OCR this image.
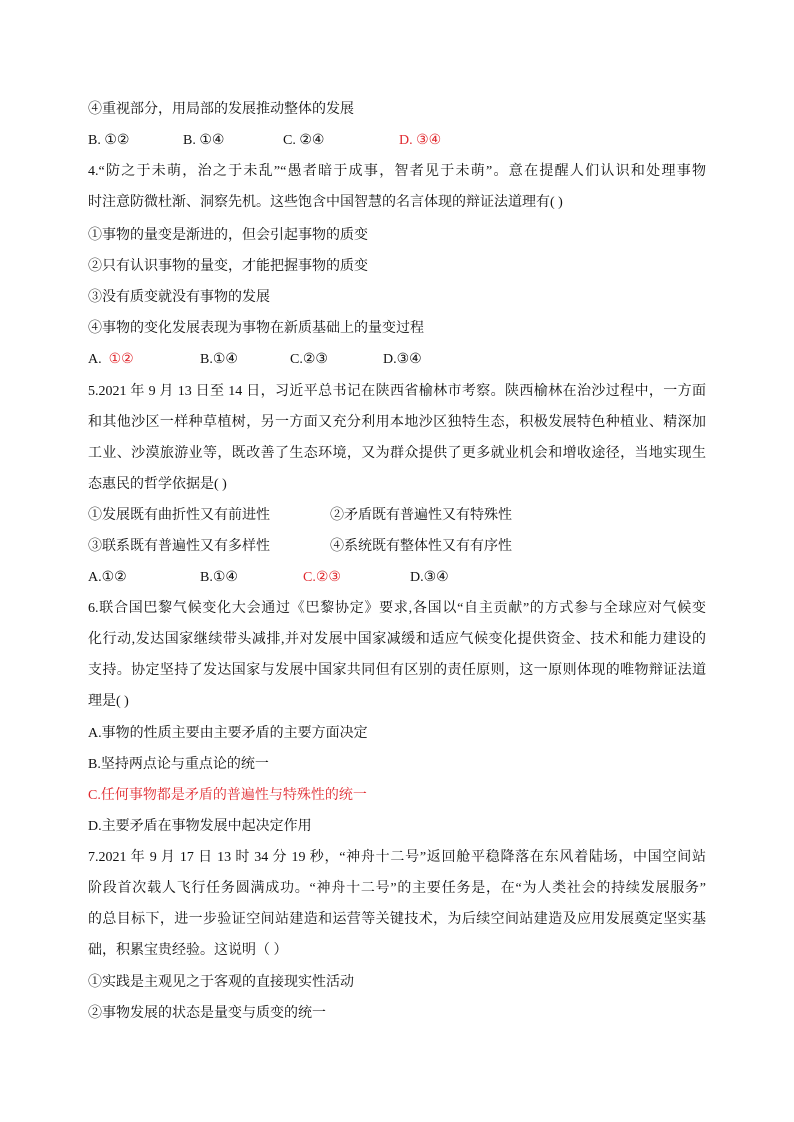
④重视部分，用局部的发展推动整体的发展
B. ①②	B. ①④	C. ②④	D. ③④
4.“防之于未萌，治之于未乱”“愚者暗于成事，智者见于未萌”。意在提醒人们认识和处理事物
时注意防微杜渐、洞察先机。这些饱含中国智慧的名言体现的辩证法道理有( )
①事物的量变是渐进的，但会引起事物的质变
②只有认识事物的量变，才能把握事物的质变
③没有质变就没有事物的发展
④事物的变化发展表现为事物在新质基础上的量变过程
A.  ①②	B.①④	C.②③	D.③④
5.2021 年 9 月 13 日至 14 日，习近平总书记在陕西省榆林市考察。陕西榆林在治沙过程中，一方面
和其他沙区一样种草植树，另一方面又充分利用本地沙区独特生态，积极发展特色种植业、精深加
工业、沙漠旅游业等，既改善了生态环境，又为群众提供了更多就业机会和增收途径，当地实现生
态惠民的哲学依据是( )
①发展既有曲折性又有前进性	②矛盾既有普遍性又有特殊性
③联系既有普遍性又有多样性	④系统既有整体性又有有序性
A.①②	B.①④	C.②③	D.③④
6.联合国巴黎气候变化大会通过《巴黎协定》要求,各国以“自主贡献”的方式参与全球应对气候变
化行动,发达国家继续带头减排,并对发展中国家减缓和适应气候变化提供资金、技术和能力建设的
支持。协定坚持了发达国家与发展中国家共同但有区别的责任原则，这一原则体现的唯物辩证法道
理是( )
A.事物的性质主要由主要矛盾的主要方面决定
B.坚持两点论与重点论的统一
C.任何事物都是矛盾的普遍性与特殊性的统一
D.主要矛盾在事物发展中起决定作用
7.2021 年 9 月 17 日 13 时 34 分 19 秒，“神舟十二号”返回舱平稳降落在东风着陆场，中国空间站
阶段首次载人飞行任务圆满成功。“神舟十二号”的主要任务是，在“为人类社会的持续发展服务”
的总目标下，进一步验证空间站建造和运营等关键技术，为后续空间站建造及应用发展奠定坚实基
础，积累宝贵经验。这说明（ ）
①实践是主观见之于客观的直接现实性活动
②事物发展的状态是量变与质变的统一
